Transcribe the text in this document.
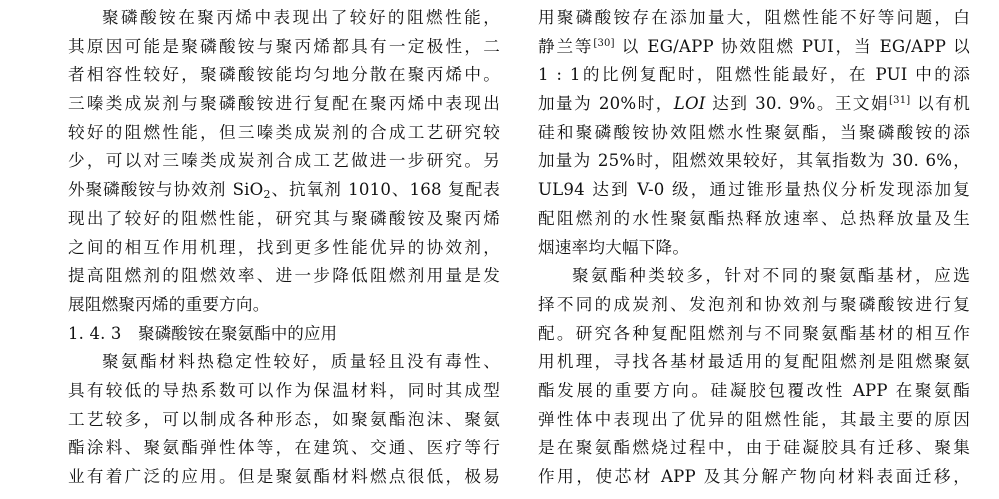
聚磷酸铵在聚丙烯中表现出了较好的阻燃性能，
其原因可能是聚磷酸铵与聚丙烯都具有一定极性，二
者相容性较好，聚磷酸铵能均匀地分散在聚丙烯中。
三嗪类成炭剂与聚磷酸铵进行复配在聚丙烯中表现出
较好的阻燃性能，但三嗪类成炭剂的合成工艺研究较
少，可以对三嗪类成炭剂合成工艺做进一步研究。另
外聚磷酸铵与协效剂 SiO$_2$、抗氧剂 1010、168 复配表
现出了较好的阻燃性能，研究其与聚磷酸铵及聚丙烯
之间的相互作用机理，找到更多性能优异的协效剂，
提高阻燃剂的阻燃效率、进一步降低阻燃剂用量是发
展阻燃聚丙烯的重要方向。
1. 4. 3　聚磷酸铵在聚氨酯中的应用
聚氨酯材料热稳定性较好，质量轻且没有毒性、
具有较低的导热系数可以作为保温材料，同时其成型
工艺较多，可以制成各种形态，如聚氨酯泡沫、聚氨
酯涂料、聚氨酯弹性体等，在建筑、交通、医疗等行
业有着广泛的应用。但是聚氨酯材料燃点很低，极易
用聚磷酸铵存在添加量大，阻燃性能不好等问题，白
静兰等[30] 以 EG/APP 协效阻燃 PUI，当 EG/APP 以
1 : 1的比例复配时，阻燃性能最好，在 PUI 中的添
加量为 20%时，LOI 达到 30. 9%。王文娟[31] 以有机
硅和聚磷酸铵协效阻燃水性聚氨酯，当聚磷酸铵的添
加量为 25%时，阻燃效果较好，其氧指数为 30. 6%，
UL94 达到 V-0 级，通过锥形量热仪分析发现添加复
配阻燃剂的水性聚氨酯热释放速率、总热释放量及生
烟速率均大幅下降。
聚氨酯种类较多，针对不同的聚氨酯基材，应选
择不同的成炭剂、发泡剂和协效剂与聚磷酸铵进行复
配。研究各种复配阻燃剂与不同聚氨酯基材的相互作
用机理，寻找各基材最适用的复配阻燃剂是阻燃聚氨
酯发展的重要方向。硅凝胶包覆改性 APP 在聚氨酯
弹性体中表现出了优异的阻燃性能，其最主要的原因
是在聚氨酯燃烧过程中，由于硅凝胶具有迁移、聚集
作用，使芯材 APP 及其分解产物向材料表面迁移，
